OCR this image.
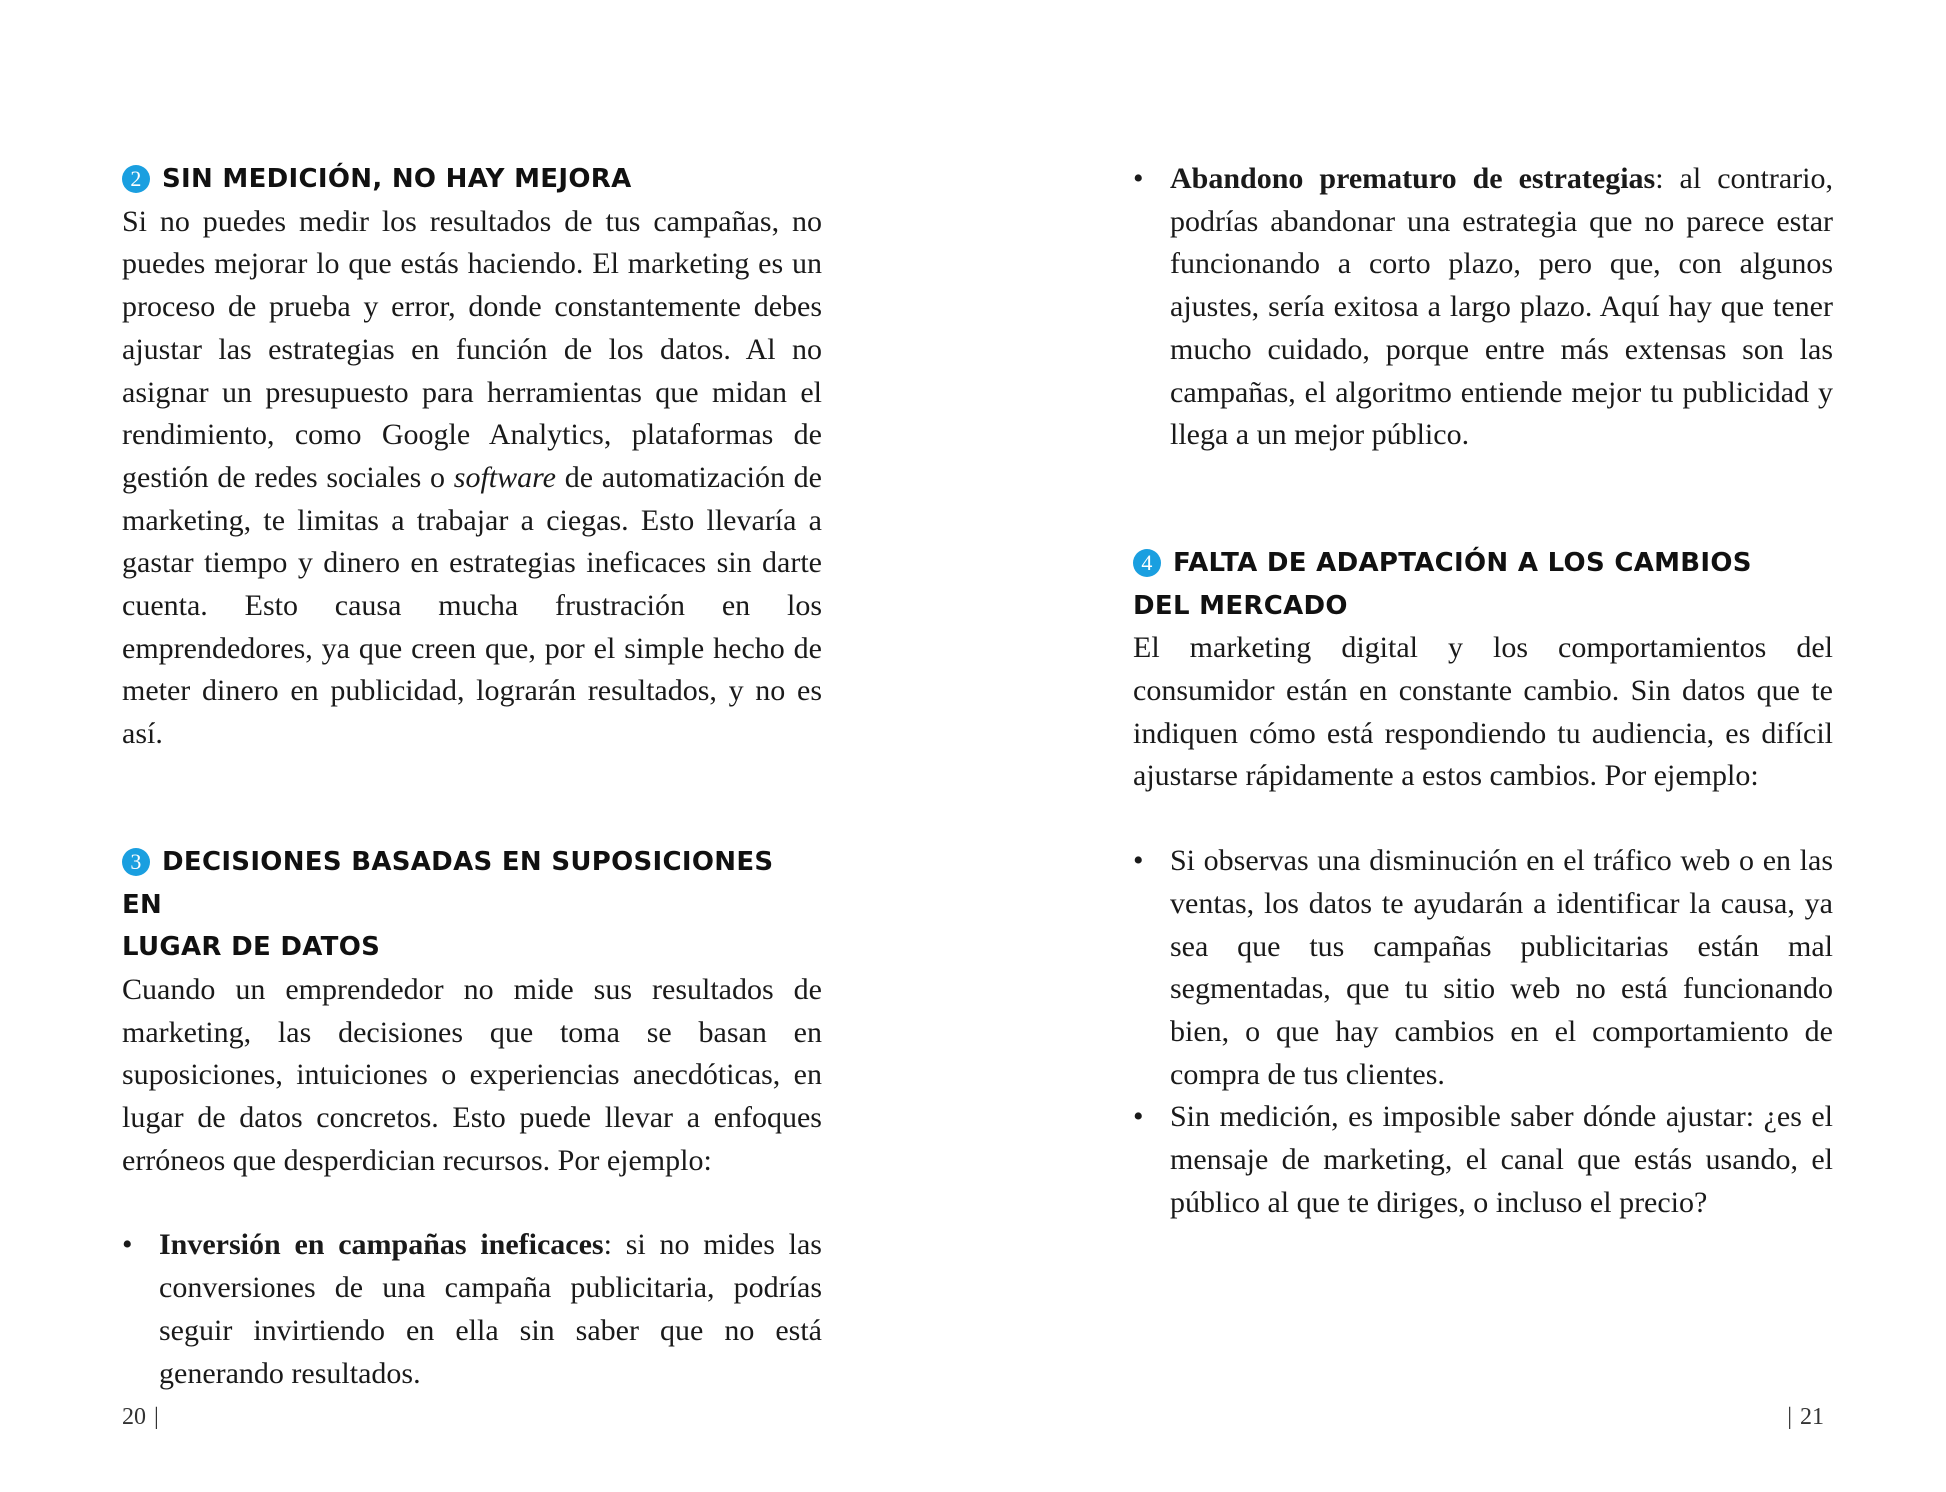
2 SIN MEDICIÓN, NO HAY MEJORA

Si no puedes medir los resultados de tus campañas, no puedes mejorar lo que estás haciendo. El marketing es un proceso de prueba y error, donde constantemente debes ajustar las estrategias en función de los datos. Al no asignar un presupuesto para herramientas que midan el rendimiento, como Google Analytics, plataformas de gestión de redes sociales o software de automatización de marketing, te limitas a trabajar a ciegas. Esto llevaría a gastar tiempo y dinero en estrategias ineficaces sin darte cuenta. Esto causa mucha frustración en los emprendedores, ya que creen que, por el simple hecho de meter dinero en publicidad, lograrán resultados, y no es así.

3 DECISIONES BASADAS EN SUPOSICIONES EN
LUGAR DE DATOS

Cuando un emprendedor no mide sus resultados de marketing, las decisiones que toma se basan en suposiciones, intuiciones o experiencias anecdóticas, en lugar de datos concretos. Esto puede llevar a enfoques erróneos que desperdician recursos. Por ejemplo:

• Inversión en campañas ineficaces: si no mides las conversiones de una campaña publicitaria, podrías seguir invirtiendo en ella sin saber que no está generando resultados.
20 |
• Abandono prematuro de estrategias: al contrario, podrías abandonar una estrategia que no parece estar funcionando a corto plazo, pero que, con algunos ajustes, sería exitosa a largo plazo. Aquí hay que tener mucho cuidado, porque entre más extensas son las campañas, el algoritmo entiende mejor tu publicidad y llega a un mejor público.
4 FALTA DE ADAPTACIÓN A LOS CAMBIOS
DEL MERCADO

El marketing digital y los comportamientos del consumidor están en constante cambio. Sin datos que te indiquen cómo está respondiendo tu audiencia, es difícil ajustarse rápidamente a estos cambios. Por ejemplo:

• Si observas una disminución en el tráfico web o en las ventas, los datos te ayudarán a identificar la causa, ya sea que tus campañas publicitarias están mal segmentadas, que tu sitio web no está funcionando bien, o que hay cambios en el comportamiento de compra de tus clientes.
• Sin medición, es imposible saber dónde ajustar: ¿es el mensaje de marketing, el canal que estás usando, el público al que te diriges, o incluso el precio?
| 21
